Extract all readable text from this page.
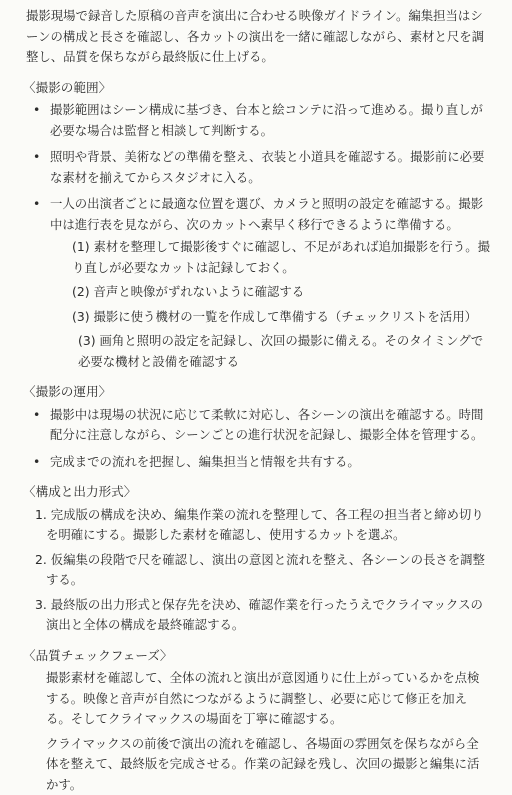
撮影現場で録音した原稿の音声を演出に合わせる映像ガイドライン。編集担当はシーンの構成と長さを確認し、各カットの演出を一緒に確認しながら、素材と尺を調整し、品質を保ちながら最終版に仕上げる。

〈撮影の範囲〉

• 撮影範囲はシーン構成に基づき、台本と絵コンテに沿って進める。撮り直しが必要な場合は監督と相談して判断する。
• 照明や背景、美術などの準備を整え、衣装と小道具を確認する。撮影前に必要な素材を揃えてからスタジオに入る。
• 一人の出演者ごとに最適な位置を選び、カメラと照明の設定を確認する。撮影中は進行表を見ながら、次のカットへ素早く移行できるように準備する。
(1) 素材を整理して撮影後すぐに確認し、不足があれば追加撮影を行う。撮り直しが必要なカットは記録しておく。
(2) 音声と映像がずれないように確認する
(3) 撮影に使う機材の一覧を作成して準備する（チェックリストを活用）
(3) 画角と照明の設定を記録し、次回の撮影に備える。そのタイミングで必要な機材と設備を確認する

〈撮影の運用〉

• 撮影中は現場の状況に応じて柔軟に対応し、各シーンの演出を確認する。時間配分に注意しながら、シーンごとの進行状況を記録し、撮影全体を管理する。
• 完成までの流れを把握し、編集担当と情報を共有する。

〈構成と出力形式〉

1. 完成版の構成を決め、編集作業の流れを整理して、各工程の担当者と締め切りを明確にする。撮影した素材を確認し、使用するカットを選ぶ。
2. 仮編集の段階で尺を確認し、演出の意図と流れを整え、各シーンの長さを調整する。
3. 最終版の出力形式と保存先を決め、確認作業を行ったうえでクライマックスの演出と全体の構成を最終確認する。

〈品質チェックフェーズ〉

撮影素材を確認して、全体の流れと演出が意図通りに仕上がっているかを点検する。映像と音声が自然につながるように調整し、必要に応じて修正を加える。そしてクライマックスの場面を丁寧に確認する。

クライマックスの前後で演出の流れを確認し、各場面の雰囲気を保ちながら全体を整えて、最終版を完成させる。作業の記録を残し、次回の撮影と編集に活かす。
